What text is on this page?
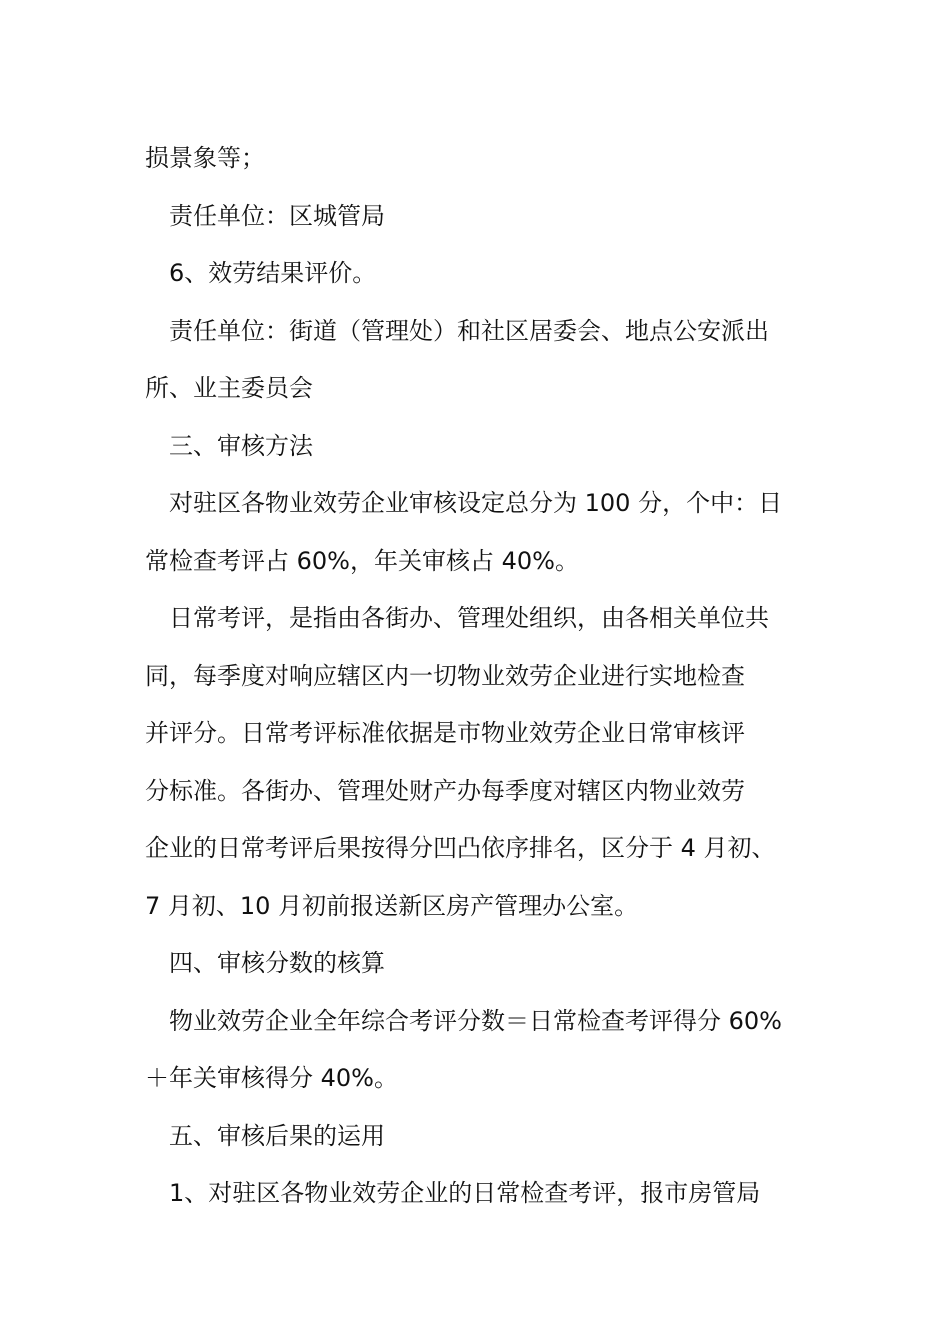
损景象等；
责任单位：区城管局
6、效劳结果评价。
责任单位：街道（管理处）和社区居委会、地点公安派出
所、业主委员会
三、审核方法
对驻区各物业效劳企业审核设定总分为 100 分，个中：日
常检查考评占 60%，年关审核占 40%。
日常考评，是指由各街办、管理处组织，由各相关单位共
同，每季度对响应辖区内一切物业效劳企业进行实地检查
并评分。日常考评标准依据是市物业效劳企业日常审核评
分标准。各街办、管理处财产办每季度对辖区内物业效劳
企业的日常考评后果按得分凹凸依序排名，区分于 4 月初、
7 月初、10 月初前报送新区房产管理办公室。
四、审核分数的核算
物业效劳企业全年综合考评分数＝日常检查考评得分 60%
＋年关审核得分 40%。
五、审核后果的运用
1、对驻区各物业效劳企业的日常检查考评，报市房管局
